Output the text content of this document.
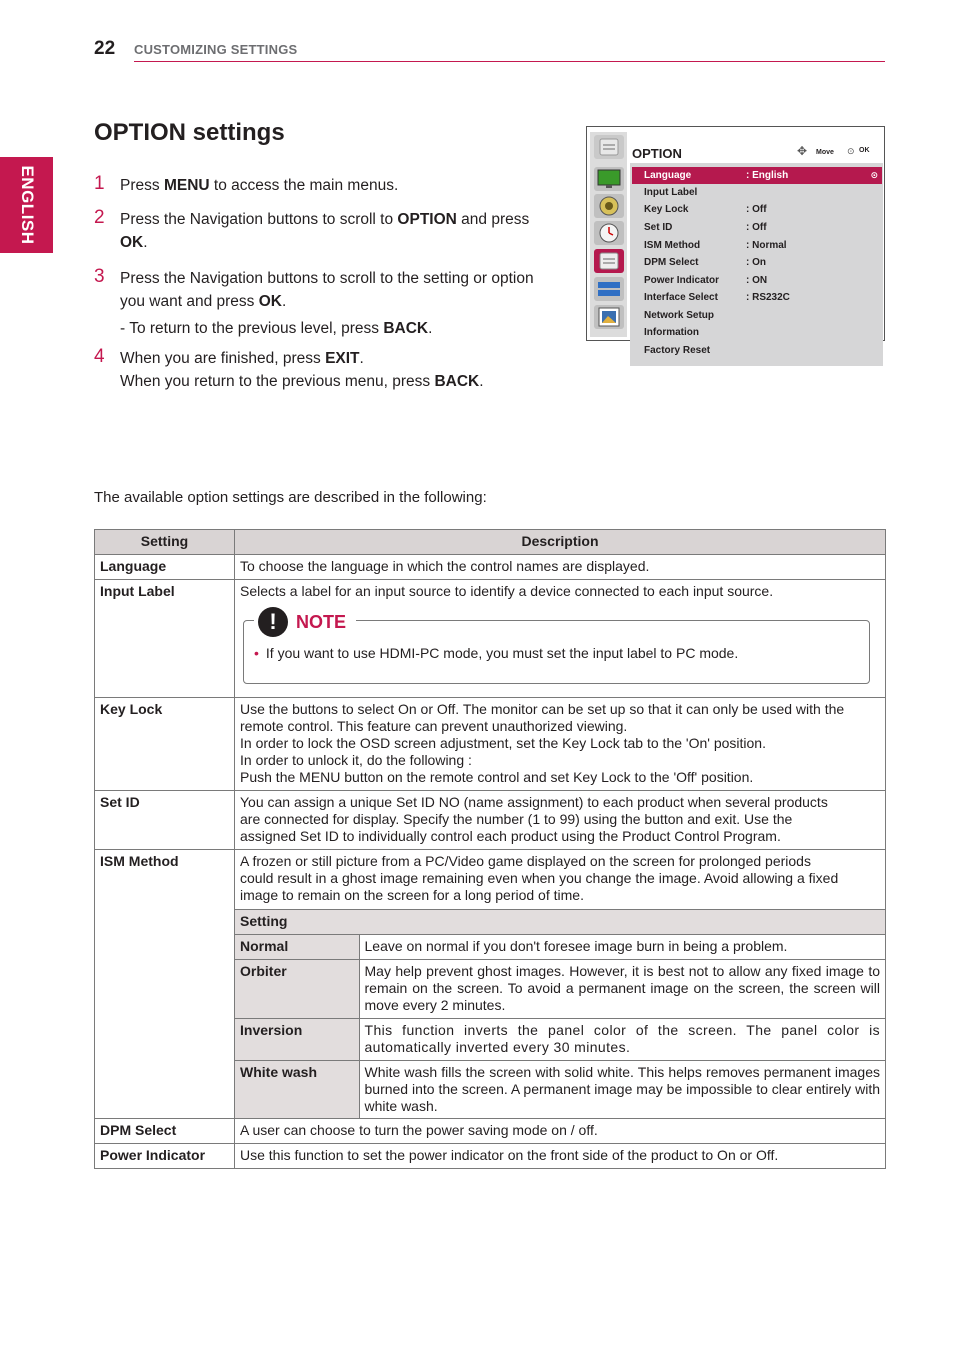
22 CUSTOMIZING SETTINGS
ENGLISH
OPTION settings
1 Press MENU to access the main menus.
2 Press the Navigation buttons to scroll to OPTION and press
OK.
3 Press the Navigation buttons to scroll to the setting or option
you want and press OK.
- To return to the previous level, press BACK.
4 When you are finished, press EXIT.
When you return to the previous menu, press BACK.
OPTION	✥ Move ⊙ OK
Language	: English	⊙
Input Label
Key Lock	: Off
Set ID	: Off
ISM Method	: Normal
DPM Select	: On
Power Indicator	: ON
Interface Select	: RS232C
Network Setup
Information
Factory Reset
The available option settings are described in the following:
Setting	Description
Language	To choose the language in which the control names are displayed.
Input Label	Selects a label for an input source to identify a device connected to each input source.
!	NOTE
• If you want to use HDMI-PC mode, you must set the input label to PC mode.

Key Lock	Use the buttons to select On or Off. The monitor can be set up so that it can only be used with the
remote control. This feature can prevent unauthorized viewing.
In order to lock the OSD screen adjustment, set the Key Lock tab to the 'On' position.
In order to unlock it, do the following :
Push the MENU button on the remote control and set Key Lock to the 'Off' position.

Set ID	You can assign a unique Set ID NO (name assignment) to each product when several products
are connected for display. Specify the number (1 to 99) using the button and exit. Use the
assigned Set ID to individually control each product using the Product Control Program.

ISM Method	A frozen or still picture from a PC/Video game displayed on the screen for prolonged periods
could result in a ghost image remaining even when you change the image. Avoid allowing a fixed
image to remain on the screen for a long period of time.
Setting
Normal	Leave on normal if you don't foresee image burn in being a problem.
Orbiter	May help prevent ghost images. However, it is best not to allow any fixed image to remain on the screen. To avoid a permanent image on the screen, the screen will move every 2 minutes.
Inversion	This function inverts the panel color of the screen. The panel color is automatically inverted every 30 minutes.
White wash	White wash fills the screen with solid white. This helps removes permanent images burned into the screen. A permanent image may be impossible to clear entirely with white wash.

DPM Select	A user can choose to turn the power saving mode on / off.
Power Indicator	Use this function to set the power indicator on the front side of the product to On or Off.
